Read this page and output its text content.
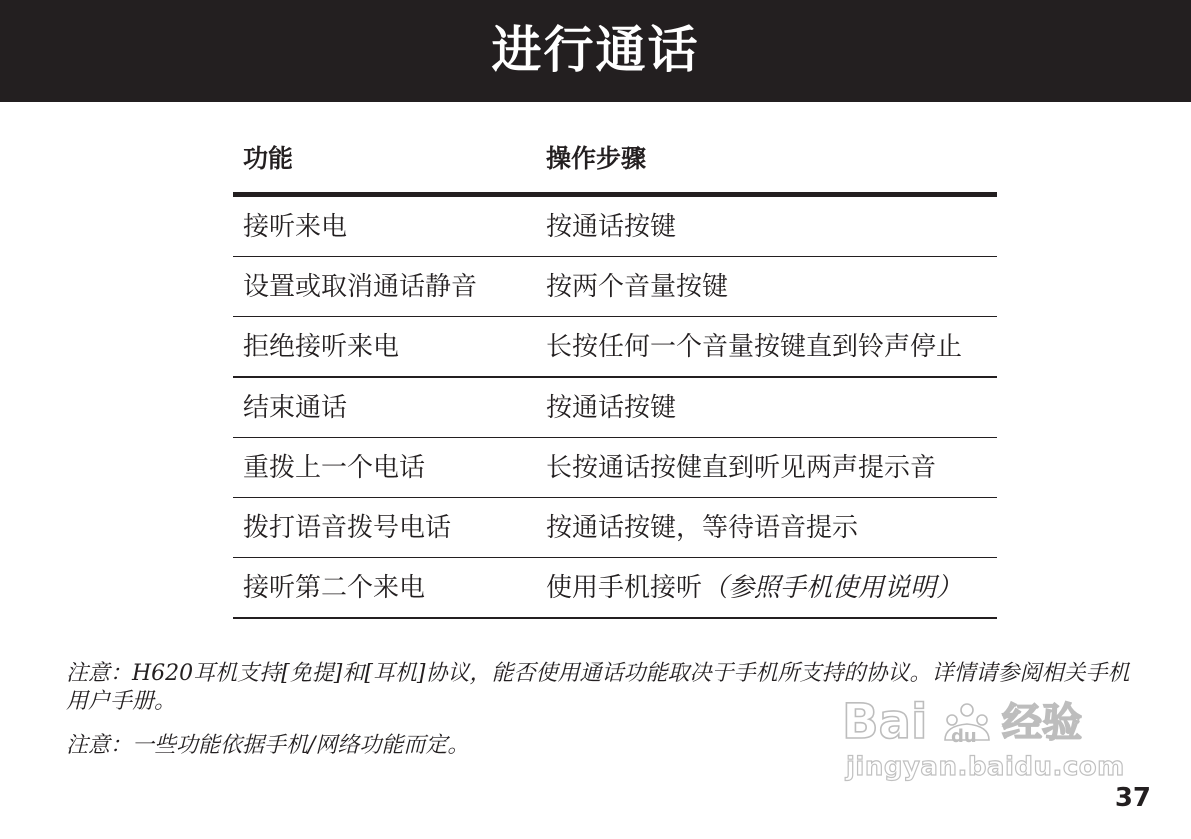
进行通话
功能	操作步骤
接听来电	按通话按键
设置或取消通话静音	按两个音量按键
拒绝接听来电	长按任何一个音量按键直到铃声停止
结束通话	按通话按键
重拨上一个电话	长按通话按健直到听见两声提示音
拨打语音拨号电话	按通话按键，等待语音提示
接听第二个来电	使用手机接听（参照手机使用说明）
注意：H620耳机支持[免提]和[耳机]协议，能否使用通话功能取决于手机所支持的协议。详情请参阅相关手机用户手册。
注意：一些功能依据手机/网络功能而定。	Bai du 经验
jingyan.baidu.com
37
